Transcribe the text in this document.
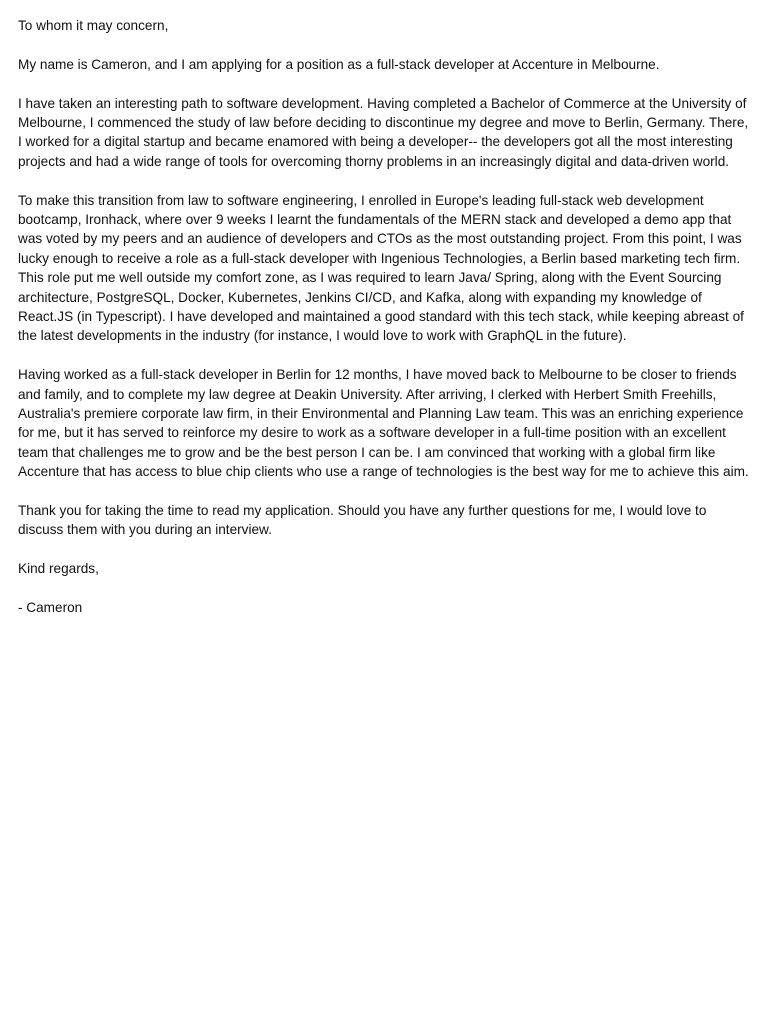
To whom it may concern,

My name is Cameron, and I am applying for a position as a full-stack developer at Accenture in Melbourne.

I have taken an interesting path to software development. Having completed a Bachelor of Commerce at the University of Melbourne, I commenced the study of law before deciding to discontinue my degree and move to Berlin, Germany. There, I worked for a digital startup and became enamored with being a developer-- the developers got all the most interesting projects and had a wide range of tools for overcoming thorny problems in an increasingly digital and data-driven world.

To make this transition from law to software engineering, I enrolled in Europe's leading full-stack web development bootcamp, Ironhack, where over 9 weeks I learnt the fundamentals of the MERN stack and developed a demo app that was voted by my peers and an audience of developers and CTOs as the most outstanding project. From this point, I was lucky enough to receive a role as a full-stack developer with Ingenious Technologies, a Berlin based marketing tech firm. This role put me well outside my comfort zone, as I was required to learn Java/ Spring, along with the Event Sourcing architecture, PostgreSQL, Docker, Kubernetes, Jenkins CI/CD, and Kafka, along with expanding my knowledge of React.JS (in Typescript). I have developed and maintained a good standard with this tech stack, while keeping abreast of the latest developments in the industry (for instance, I would love to work with GraphQL in the future).

Having worked as a full-stack developer in Berlin for 12 months, I have moved back to Melbourne to be closer to friends and family, and to complete my law degree at Deakin University. After arriving, I clerked with Herbert Smith Freehills, Australia's premiere corporate law firm, in their Environmental and Planning Law team. This was an enriching experience for me, but it has served to reinforce my desire to work as a software developer in a full-time position with an excellent team that challenges me to grow and be the best person I can be. I am convinced that working with a global firm like Accenture that has access to blue chip clients who use a range of technologies is the best way for me to achieve this aim.

Thank you for taking the time to read my application. Should you have any further questions for me, I would love to discuss them with you during an interview.

Kind regards,

- Cameron
